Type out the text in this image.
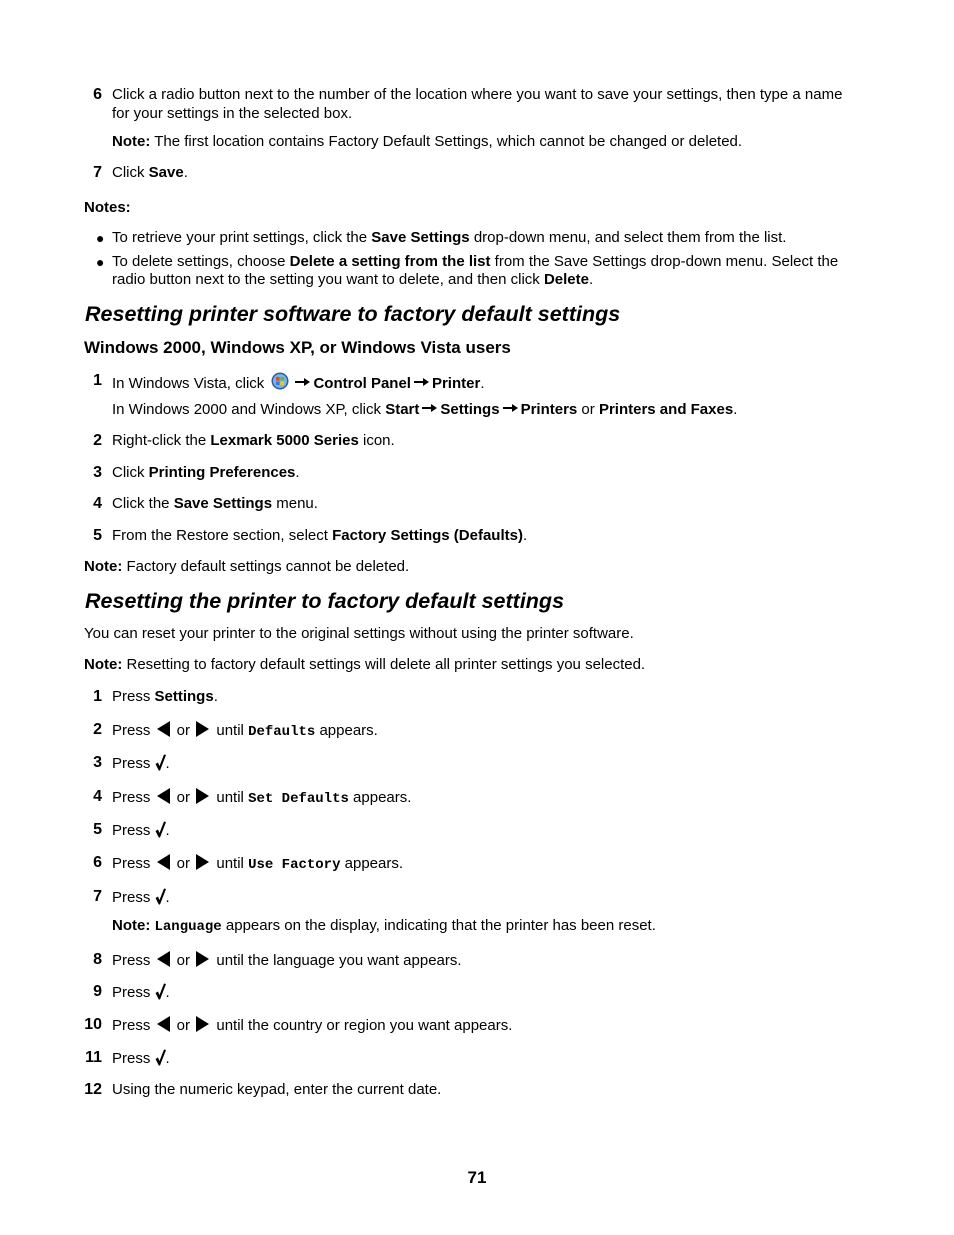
6 Click a radio button next to the number of the location where you want to save your settings, then type a name
for your settings in the selected box.
Note: The first location contains Factory Default Settings, which cannot be changed or deleted.
7 Click Save.
Notes:
● To retrieve your print settings, click the Save Settings drop-down menu, and select them from the list.
● To delete settings, choose Delete a setting from the list from the Save Settings drop-down menu. Select the
radio button next to the setting you want to delete, and then click Delete.
Resetting printer software to factory default settings
Windows 2000, Windows XP, or Windows Vista users
1 In Windows Vista, click	Control Panel Printer.
In Windows 2000 and Windows XP, click Start Settings Printers or Printers and Faxes.
2 Right-click the Lexmark 5000 Series icon.
3 Click Printing Preferences.
4 Click the Save Settings menu.
5 From the Restore section, select Factory Settings (Defaults).
Note: Factory default settings cannot be deleted.
Resetting the printer to factory default settings
You can reset your printer to the original settings without using the printer software.
Note: Resetting to factory default settings will delete all printer settings you selected.
1 Press Settings.
2 Press  or  until Defaults appears.
3 Press .
4 Press  or  until Set Defaults appears.
5 Press .
6 Press  or  until Use Factory appears.
7 Press .
Note: Language appears on the display, indicating that the printer has been reset.
8 Press  or  until the language you want appears.
9 Press .
10 Press  or  until the country or region you want appears.
11 Press .
12 Using the numeric keypad, enter the current date.
71
